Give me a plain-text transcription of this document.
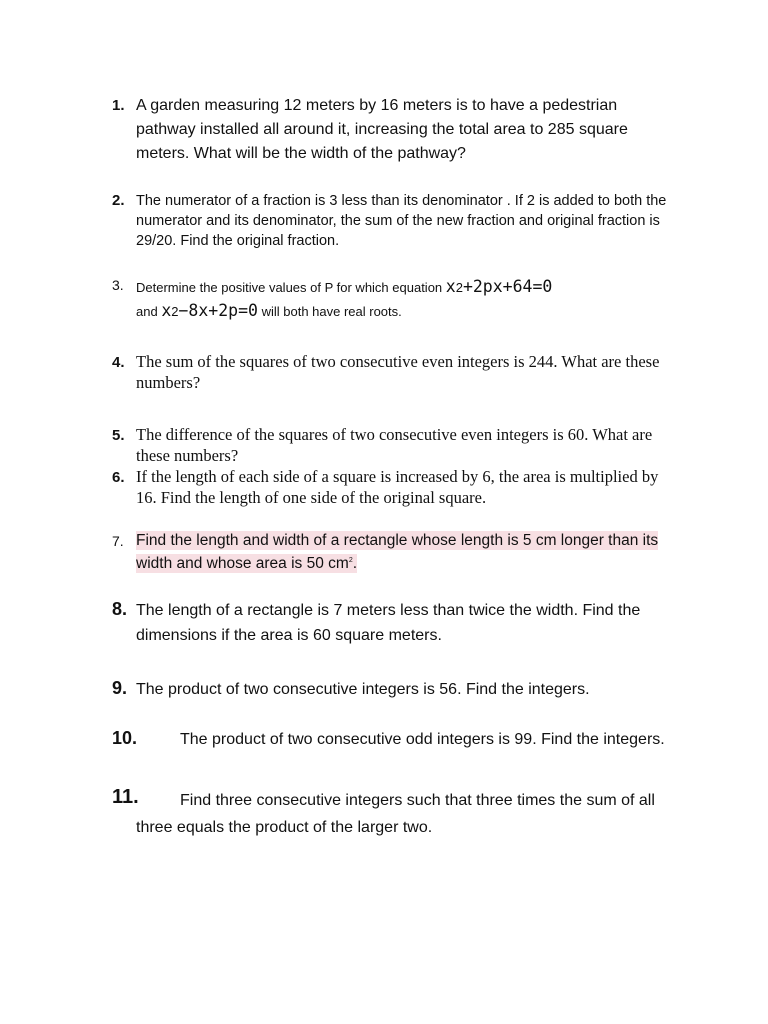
1. A garden measuring 12 meters by 16 meters is to have a pedestrian pathway installed all around it, increasing the total area to 285 square meters. What will be the width of the pathway?
2. The numerator of a fraction is 3 less than its denominator . If 2 is added to both the numerator and its denominator, the sum of the new fraction and original fraction is 29/20. Find the original fraction.
3. Determine the positive values of P for which equation x2+2px+64=0
and x2−8x+2p=0 will both have real roots.
4. The sum of the squares of two consecutive even integers is 244. What are these numbers?
5. The difference of the squares of two consecutive even integers is 60. What are these numbers?
6. If the length of each side of a square is increased by 6, the area is multiplied by 16. Find the length of one side of the original square.
7. Find the length and width of a rectangle whose length is 5 cm longer than its width and whose area is 50 $cm^2$.
8. The length of a rectangle is 7 meters less than twice the width. Find the dimensions if the area is 60 square meters.
9. The product of two consecutive integers is 56. Find the integers.
10.	The product of two consecutive odd integers is 99. Find the integers.
11.	Find three consecutive integers such that three times the sum of all three equals the product of the larger two.
